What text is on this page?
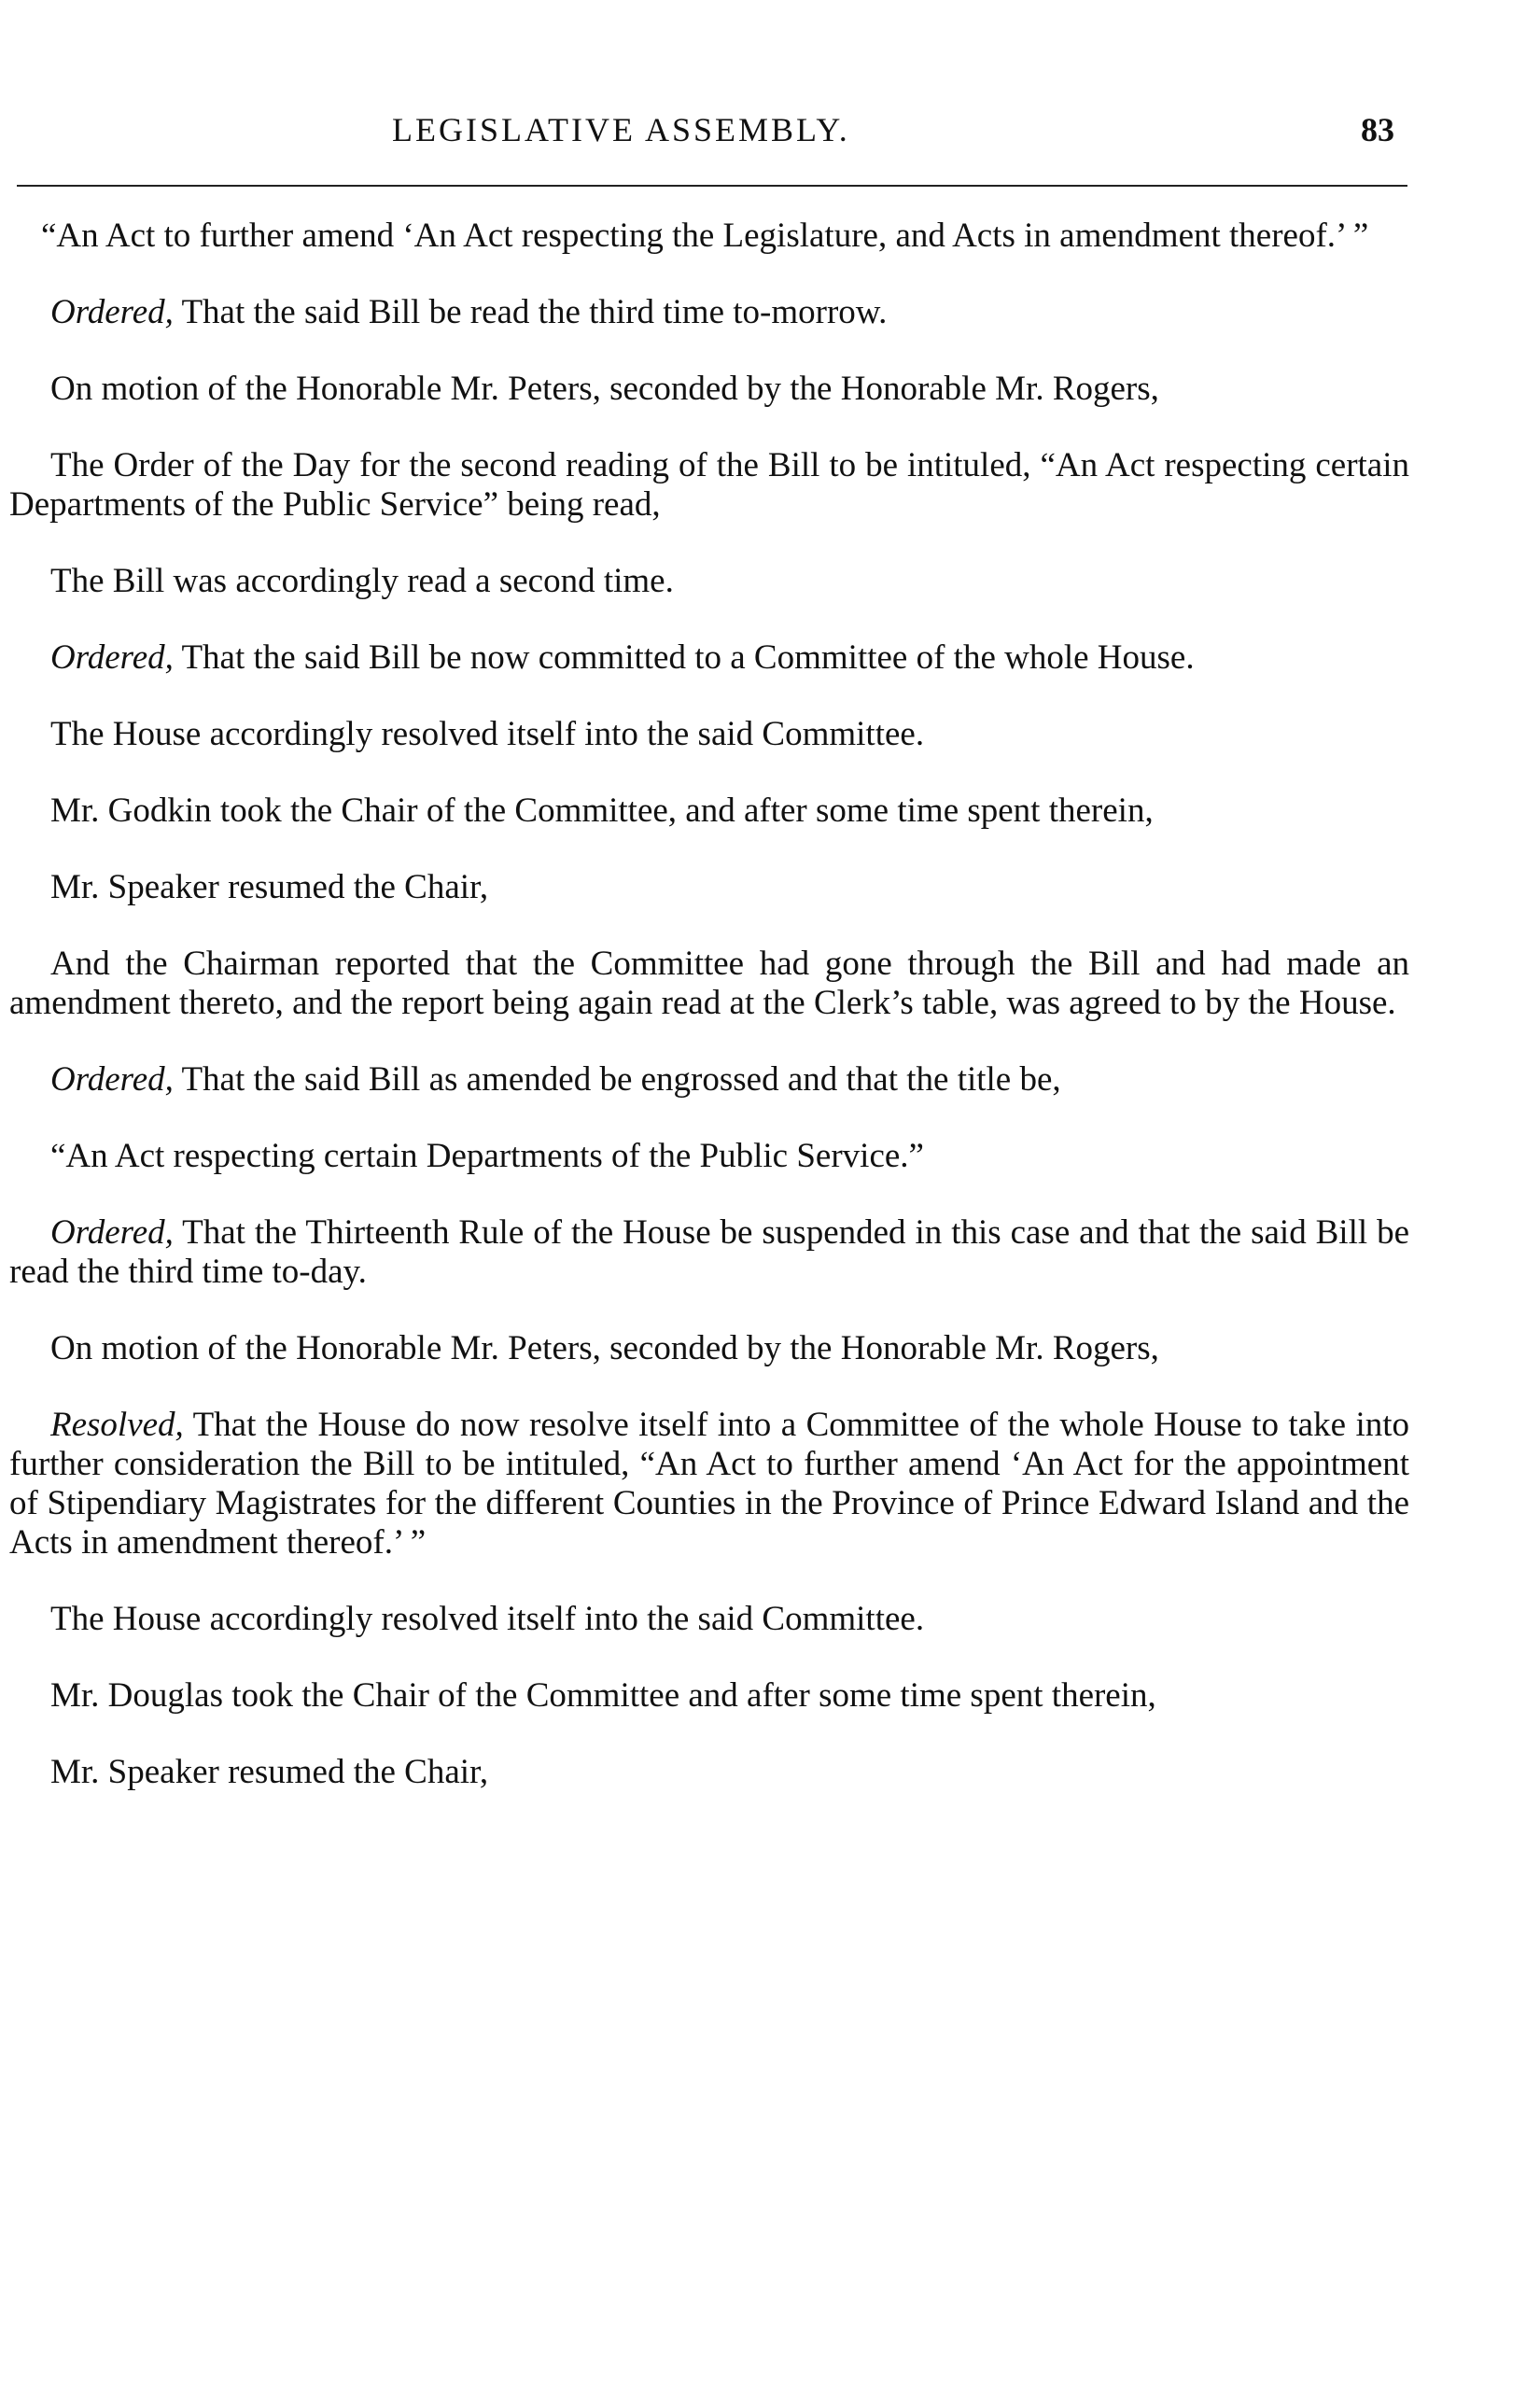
LEGISLATIVE ASSEMBLY.	83

“An Act to further amend ‘An Act respecting the Legislature, and Acts in amendment thereof.’ ”

Ordered, That the said Bill be read the third time to-morrow.

On motion of the Honorable Mr. Peters, seconded by the Honorable Mr. Rogers,

The Order of the Day for the second reading of the Bill to be intituled, “An Act respecting certain Departments of the Public Service” being read,

The Bill was accordingly read a second time.

Ordered, That the said Bill be now committed to a Committee of the whole House.

The House accordingly resolved itself into the said Committee.

Mr. Godkin took the Chair of the Committee, and after some time spent therein,

Mr. Speaker resumed the Chair,

And the Chairman reported that the Committee had gone through the Bill and had made an amendment thereto, and the report being again read at the Clerk’s table, was agreed to by the House.

Ordered, That the said Bill as amended be engrossed and that the title be,

“An Act respecting certain Departments of the Public Service.”

Ordered, That the Thirteenth Rule of the House be suspended in this case and that the said Bill be read the third time to-day.

On motion of the Honorable Mr. Peters, seconded by the Honorable Mr. Rogers,

Resolved, That the House do now resolve itself into a Committee of the whole House to take into further consideration the Bill to be intituled, “An Act to further amend ‘An Act for the appointment of Stipendiary Magistrates for the different Counties in the Province of Prince Edward Island and the Acts in amendment thereof.’ ”

The House accordingly resolved itself into the said Committee.

Mr. Douglas took the Chair of the Committee and after some time spent therein,

Mr. Speaker resumed the Chair,
